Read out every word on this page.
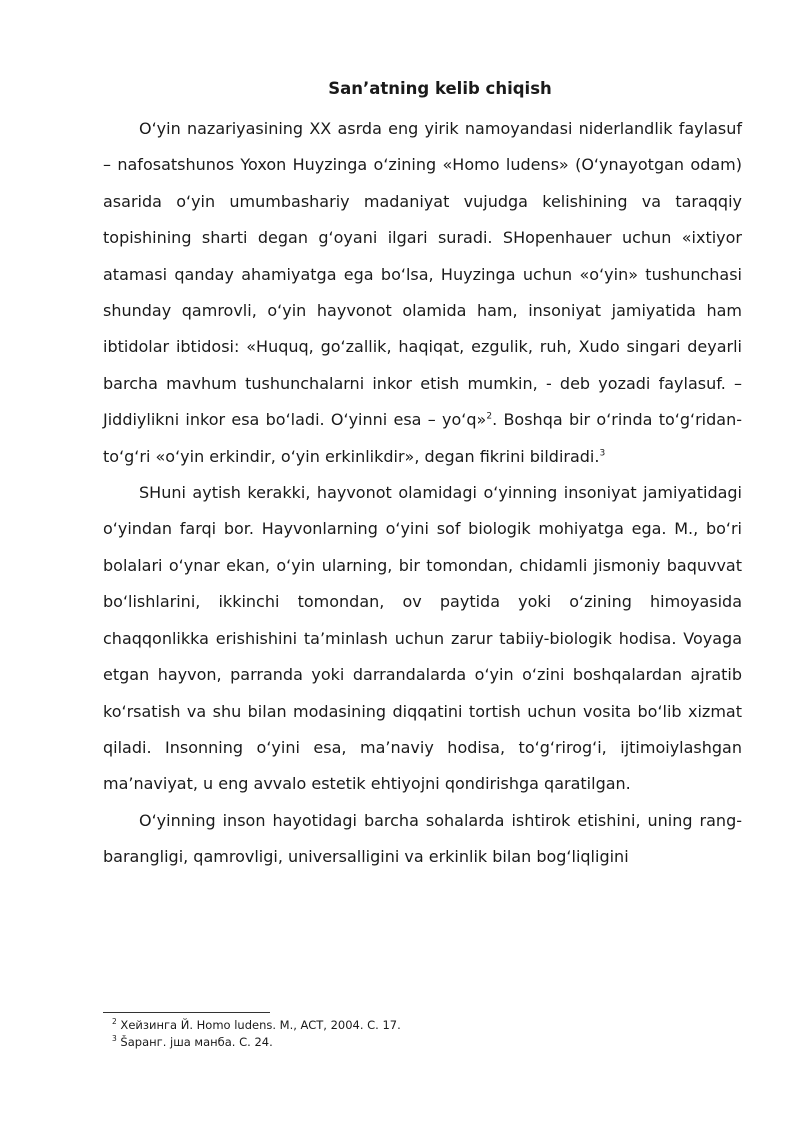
San’atning kelib chiqish

O‘yin nazariyasining XX asrda eng yirik namoyandasi niderlandlik faylasuf – nafosatshunos Yoxon Huyzinga o‘zining «Homo ludens» (O‘ynayotgan odam) asarida o‘yin umumbashariy madaniyat vujudga kelishining va taraqqiy topishining sharti degan g‘oyani ilgari suradi. SHopenhauer uchun «ixtiyor atamasi qanday ahamiyatga ega bo‘lsa, Huyzinga uchun «o‘yin» tushunchasi shunday qamrovli, o‘yin hayvonot olamida ham, insoniyat jamiyatida ham ibtidolar ibtidosi: «Huquq, go‘zallik, haqiqat, ezgulik, ruh, Xudo singari deyarli barcha mavhum tushunchalarni inkor etish mumkin, - deb yozadi faylasuf. – Jiddiylikni inkor esa bo‘ladi. O‘yinni esa – yo‘q»$^2$. Boshqa bir o‘rinda to‘g‘ridan-to‘g‘ri «o‘yin erkindir, o‘yin erkinlikdir», degan fikrini bildiradi.$^3$

SHuni aytish kerakki, hayvonot olamidagi o‘yinning insoniyat jamiyatidagi o‘yindan farqi bor. Hayvonlarning o‘yini sof biologik mohiyatga ega. M., bo‘ri bolalari o‘ynar ekan, o‘yin ularning, bir tomondan, chidamli jismoniy baquvvat bo‘lishlarini, ikkinchi tomondan, ov paytida yoki o‘zining himoyasida chaqqonlikka erishishini ta’minlash uchun zarur tabiiy-biologik hodisa. Voyaga etgan hayvon, parranda yoki darrandalarda o‘yin o‘zini boshqalardan ajratib ko‘rsatish va shu bilan modasining diqqatini tortish uchun vosita bo‘lib xizmat qiladi. Insonning o‘yini esa, ma’naviy hodisa, to‘g‘rirog‘i, ijtimoiylashgan ma’naviyat, u eng avvalo estetik ehtiyojni qondirishga qaratilgan.

O‘yinning inson hayotidagi barcha sohalarda ishtirok etishini, uning rang-barangligi, qamrovligi, universalligini va erkinlik bilan bog‘liqligini

$^2$ Хейзинга Й. Homo ludens. M., ACT, 2004. C. 17.

$^3$ Šаранг. јша манба. С. 24.
